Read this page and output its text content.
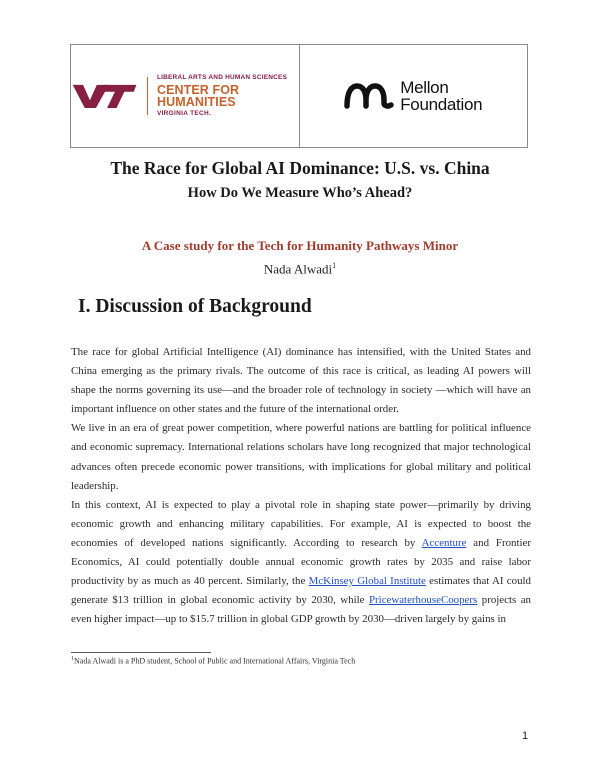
LIBERAL ARTS AND HUMAN SCIENCES
CENTER FOR HUMANITIES
VIRGINIA TECH.
Mellon
Foundation
The Race for Global AI Dominance: U.S. vs. China
How Do We Measure Who’s Ahead?
A Case study for the Tech for Humanity Pathways Minor
Nada Alwadi$^1$
I. Discussion of Background

The race for global Artificial Intelligence (AI) dominance has intensified, with the United States and China emerging as the primary rivals. The outcome of this race is critical, as leading AI powers will shape the norms governing its use—and the broader role of technology in society —which will have an important influence on other states and the future of the international order.

We live in an era of great power competition, where powerful nations are battling for political influence and economic supremacy. International relations scholars have long recognized that major technological advances often precede economic power transitions, with implications for global military and political leadership.

In this context, AI is expected to play a pivotal role in shaping state power—primarily by driving economic growth and enhancing military capabilities. For example, AI is expected to boost the economies of developed nations significantly. According to research by Accenture and Frontier Economics, AI could potentially double annual economic growth rates by 2035 and raise labor productivity by as much as 40 percent. Similarly, the McKinsey Global Institute estimates that AI could generate $13 trillion in global economic activity by 2030, while PricewaterhouseCoopers projects an even higher impact—up to $15.7 trillion in global GDP growth by 2030—driven largely by gains in

$^1$Nada Alwadi is a PhD student, School of Public and International Affairs, Virginia Tech
1
